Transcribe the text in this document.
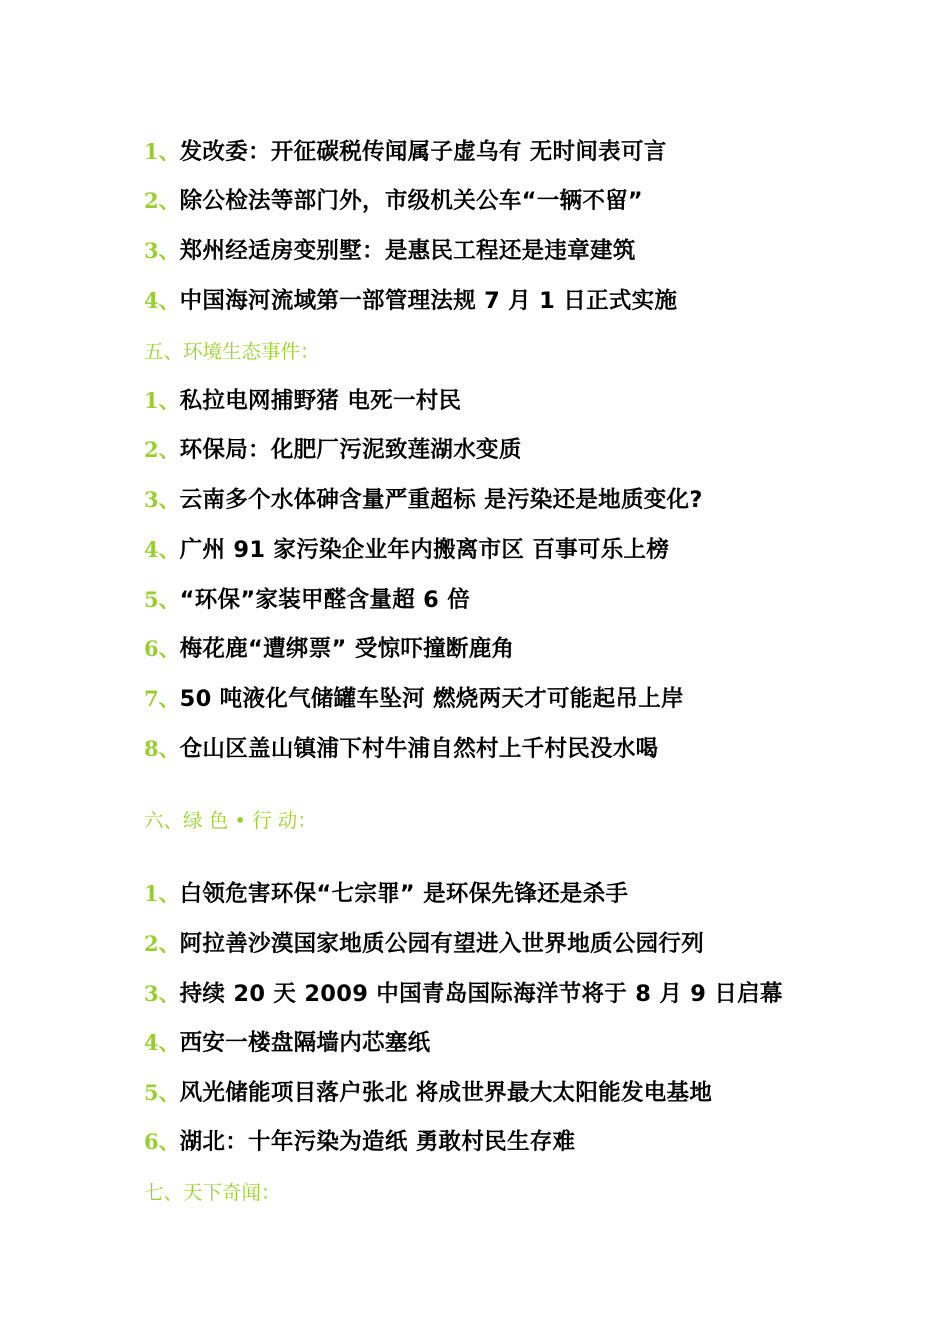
1、发改委：开征碳税传闻属子虚乌有 无时间表可言
2、除公检法等部门外，市级机关公车“一辆不留”
3、郑州经适房变别墅：是惠民工程还是违章建筑
4、中国海河流域第一部管理法规 7 月 1 日正式实施
五、环境生态事件：
1、私拉电网捕野猪 电死一村民
2、环保局：化肥厂污泥致莲湖水变质
3、云南多个水体砷含量严重超标 是污染还是地质变化?
4、广州 91 家污染企业年内搬离市区 百事可乐上榜
5、“环保”家装甲醛含量超 6 倍
6、梅花鹿“遭绑票” 受惊吓撞断鹿角
7、50 吨液化气储罐车坠河 燃烧两天才可能起吊上岸
8、仓山区盖山镇浦下村牛浦自然村上千村民没水喝
六、绿 色 • 行 动：
1、白领危害环保“七宗罪” 是环保先锋还是杀手
2、阿拉善沙漠国家地质公园有望进入世界地质公园行列
3、持续 20 天 2009 中国青岛国际海洋节将于 8 月 9 日启幕
4、西安一楼盘隔墙内芯塞纸
5、风光储能项目落户张北 将成世界最大太阳能发电基地
6、湖北：十年污染为造纸 勇敢村民生存难
七、天下奇闻：
